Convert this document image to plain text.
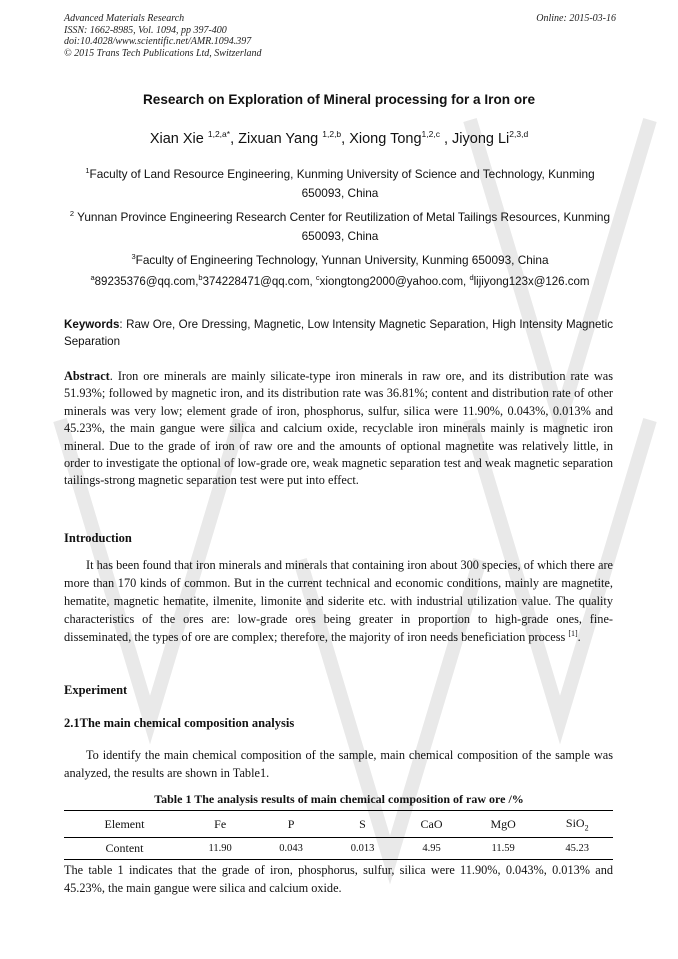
Advanced Materials Research
ISSN: 1662-8985, Vol. 1094, pp 397-400
doi:10.4028/www.scientific.net/AMR.1094.397
© 2015 Trans Tech Publications Ltd, Switzerland
Online: 2015-03-16
Research on Exploration of Mineral processing for a Iron ore
Xian Xie $^{1,2,a*}$, Zixuan Yang $^{1,2,b}$, Xiong Tong$^{1,2,c}$ , Jiyong Li$^{2,3,d}$
$^1$Faculty of Land Resource Engineering, Kunming University of Science and Technology, Kunming 650093, China
$^2$ Yunnan Province Engineering Research Center for Reutilization of Metal Tailings Resources, Kunming 650093, China
$^3$Faculty of Engineering Technology, Yunnan University, Kunming 650093, China
$^a$89235376@qq.com,$^b$374228471@qq.com, $^c$xiongtong2000@yahoo.com, $^d$lijiyong123x@126.com
Keywords: Raw Ore, Ore Dressing, Magnetic, Low Intensity Magnetic Separation, High Intensity Magnetic Separation
Abstract. Iron ore minerals are mainly silicate-type iron minerals in raw ore, and its distribution rate was 51.93%; followed by magnetic iron, and its distribution rate was 36.81%; content and distribution rate of other minerals was very low; element grade of iron, phosphorus, sulfur, silica were 11.90%, 0.043%, 0.013% and 45.23%, the main gangue were silica and calcium oxide, recyclable iron minerals mainly is magnetic iron mineral. Due to the grade of iron of raw ore and the amounts of optional magnetite was relatively little, in order to investigate the optional of low-grade ore, weak magnetic separation test and weak magnetic separation tailings-strong magnetic separation test were put into effect.
Introduction
It has been found that iron minerals and minerals that containing iron about 300 species, of which there are more than 170 kinds of common. But in the current technical and economic conditions, mainly are magnetite, hematite, magnetic hematite, ilmenite, limonite and siderite etc. with industrial utilization value. The quality characteristics of the ores are: low-grade ores being greater in proportion to high-grade ones, fine-disseminated, the types of ore are complex; therefore, the majority of iron needs beneficiation process [1].
Experiment
2.1The main chemical composition analysis
To identify the main chemical composition of the sample, main chemical composition of the sample was analyzed, the results are shown in Table1.
Table 1 The analysis results of main chemical composition of raw ore /%
Element	Fe	P	S	CaO	MgO	SiO$_2$
Content	11.90	0.043	0.013	4.95	11.59	45.23
The table 1 indicates that the grade of iron, phosphorus, sulfur, silica were 11.90%, 0.043%, 0.013% and 45.23%, the main gangue were silica and calcium oxide.
